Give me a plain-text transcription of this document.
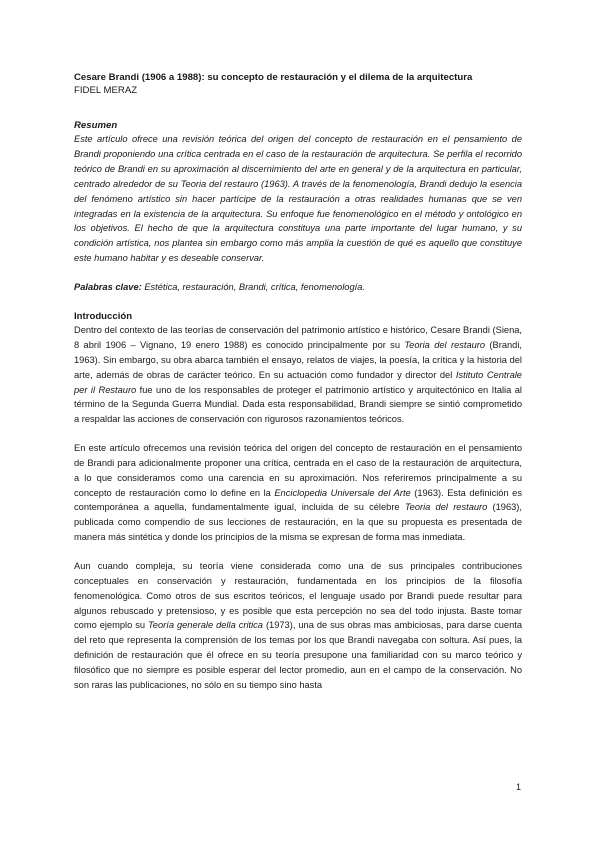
Cesare Brandi (1906 a 1988): su concepto de restauración y el dilema de la arquitectura

FIDEL MERAZ

Resumen

Este artículo ofrece una revisión teórica del origen del concepto de restauración en el pensamiento de Brandi proponiendo una crítica centrada en el caso de la restauración de arquitectura. Se perfila el recorrido teórico de Brandi en su aproximación al discernimiento del arte en general y de la arquitectura en particular, centrado alrededor de su Teoria del restauro (1963). A través de la fenomenología, Brandi dedujo la esencia del fenómeno artístico sin hacer partícipe de la restauración a otras realidades humanas que se ven integradas en la existencia de la arquitectura. Su enfoque fue fenomenológico en el método y ontológico en los objetivos. El hecho de que la arquitectura constituya una parte importante del lugar humano, y su condición artística, nos plantea sin embargo como más amplia la cuestión de qué es aquello que constituye este humano habitar y es deseable conservar.

Palabras clave: Estética, restauración, Brandi, crítica, fenomenología.

Introducción

Dentro del contexto de las teorías de conservación del patrimonio artístico e histórico, Cesare Brandi (Siena, 8 abril 1906 – Vignano, 19 enero 1988) es conocido principalmente por su Teoria del restauro (Brandi, 1963). Sin embargo, su obra abarca también el ensayo, relatos de viajes, la poesía, la crítica y la historia del arte, además de obras de carácter teórico. En su actuación como fundador y director del Istituto Centrale per il Restauro fue uno de los responsables de proteger el patrimonio artístico y arquitectónico en Italia al término de la Segunda Guerra Mundial. Dada esta responsabilidad, Brandi siempre se sintió comprometido a respaldar las acciones de conservación con rigurosos razonamientos teóricos.

En este artículo ofrecemos una revisión teórica del origen del concepto de restauración en el pensamiento de Brandi para adicionalmente proponer una crítica, centrada en el caso de la restauración de arquitectura, a lo que consideramos como una carencia en su aproximación. Nos referiremos principalmente a su concepto de restauración como lo define en la Enciclopedia Universale del Arte (1963). Esta definición es contemporánea a aquella, fundamentalmente igual, incluida de su célebre Teoria del restauro (1963), publicada como compendio de sus lecciones de restauración, en la que su propuesta es presentada de manera más sintética y donde los principios de la misma se expresan de forma mas inmediata.

Aun cuando compleja, su teoría viene considerada como una de sus principales contribuciones conceptuales en conservación y restauración, fundamentada en los principios de la filosofía fenomenológica. Como otros de sus escritos teóricos, el lenguaje usado por Brandi puede resultar para algunos rebuscado y pretensioso, y es posible que esta percepción no sea del todo injusta. Baste tomar como ejemplo su Teoría generale della critica (1973), una de sus obras mas ambiciosas, para darse cuenta del reto que representa la comprensión de los temas por los que Brandi navegaba con soltura. Así pues, la definición de restauración que él ofrece en su teoría presupone una familiaridad con su marco teórico y filosófico que no siempre es posible esperar del lector promedio, aun en el campo de la conservación. No son raras las publicaciones, no sólo en su tiempo sino hasta

1
